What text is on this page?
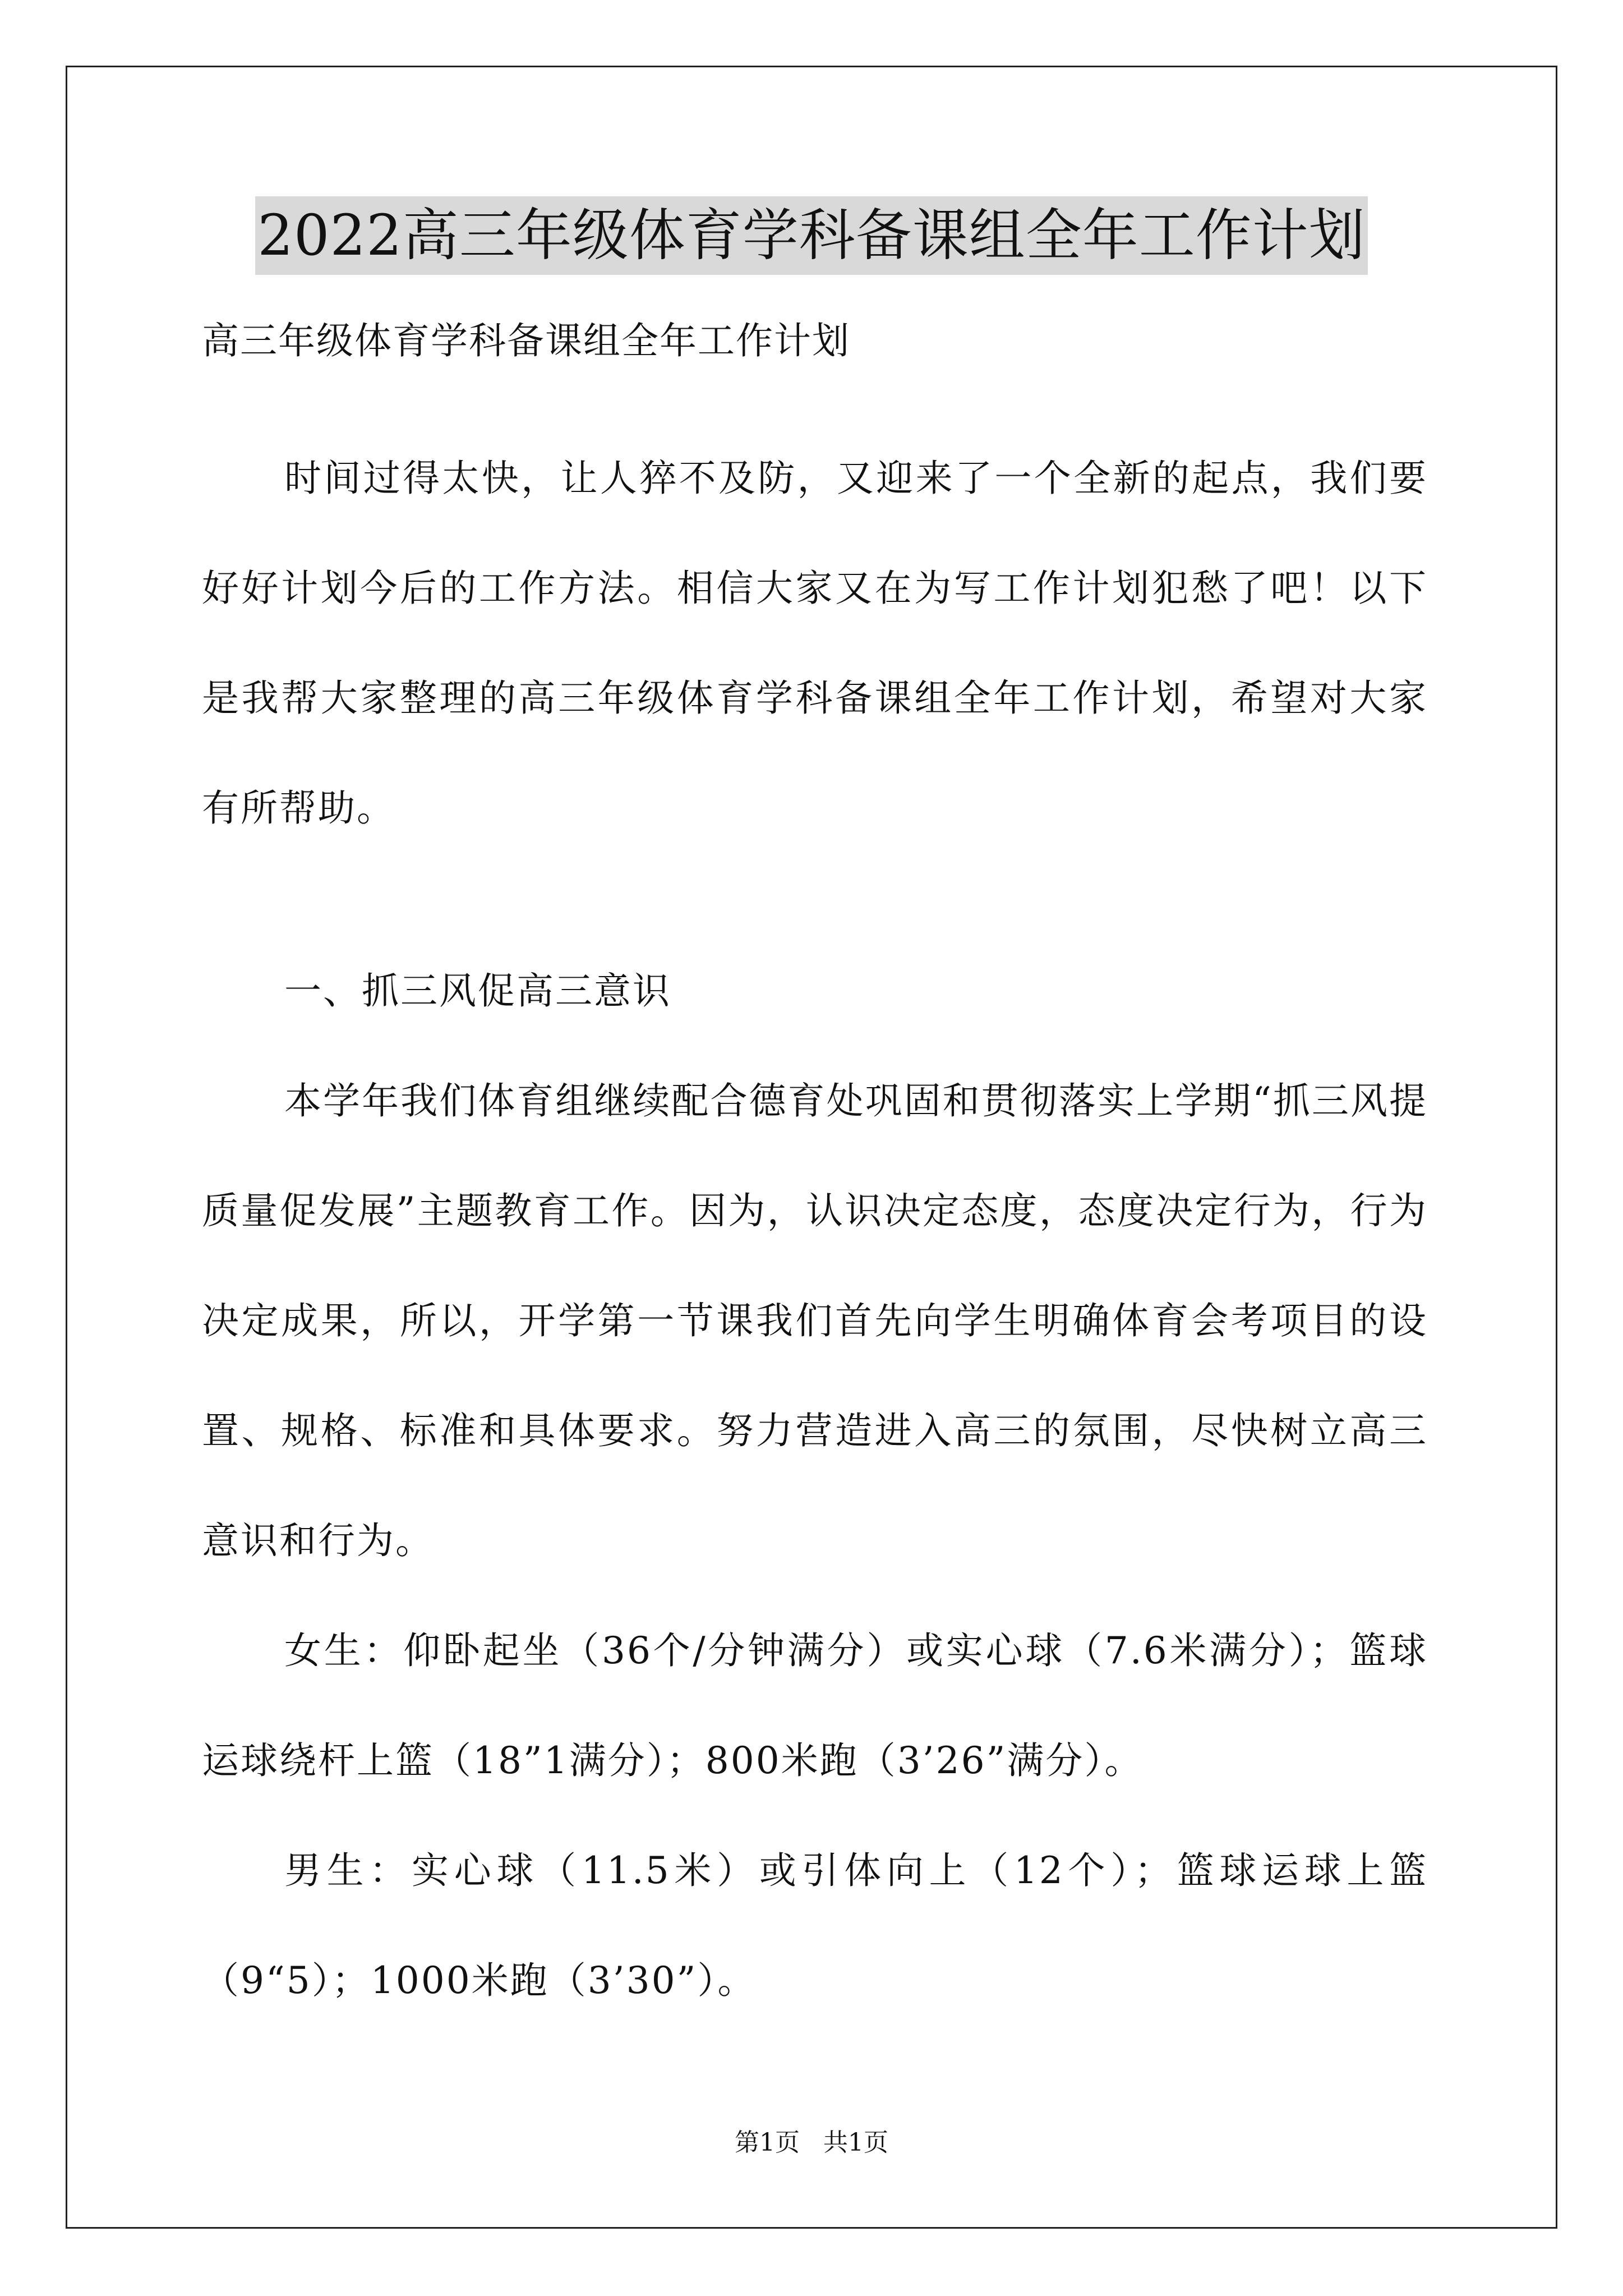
2022高三年级体育学科备课组全年工作计划

高三年级体育学科备课组全年工作计划

时间过得太快，让人猝不及防，又迎来了一个全新的起点，我们要好好计划今后的工作方法。相信大家又在为写工作计划犯愁了吧！以下是我帮大家整理的高三年级体育学科备课组全年工作计划，希望对大家有所帮助。

一、抓三风促高三意识

本学年我们体育组继续配合德育处巩固和贯彻落实上学期“抓三风提质量促发展”主题教育工作。因为，认识决定态度，态度决定行为，行为决定成果，所以，开学第一节课我们首先向学生明确体育会考项目的设置、规格、标准和具体要求。努力营造进入高三的氛围，尽快树立高三意识和行为。

女生：仰卧起坐（36个/分钟满分）或实心球（7.6米满分）；篮球运球绕杆上篮（18”1满分）；800米跑（3’26”满分）。

男生：实心球（11.5米）或引体向上（12个）；篮球运球上篮（9“5）；1000米跑（3’30”）。

第1页   共1页
